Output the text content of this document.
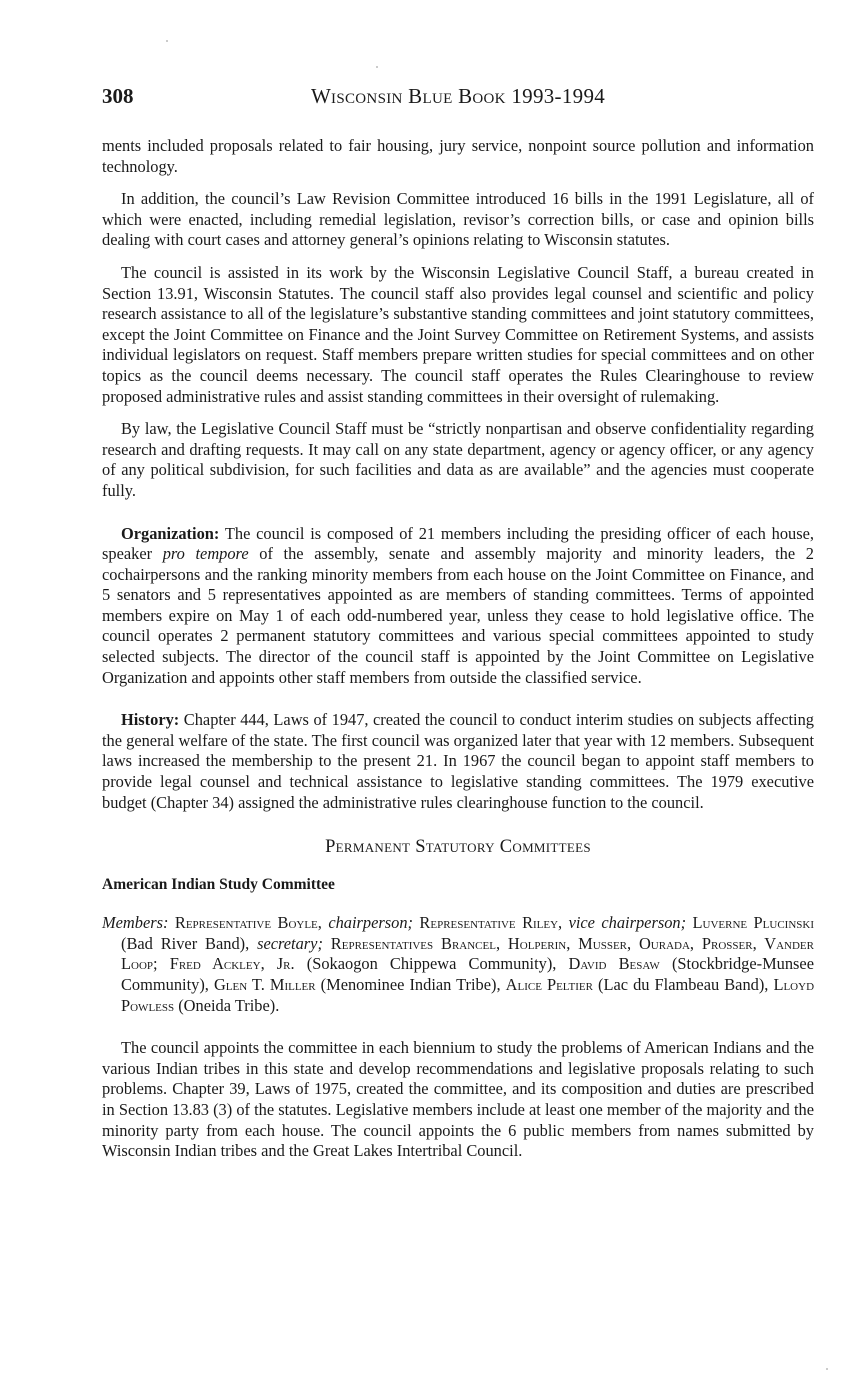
308	Wisconsin Blue Book 1993-1994

ments included proposals related to fair housing, jury service, nonpoint source pollution and information technology.

In addition, the council’s Law Revision Committee introduced 16 bills in the 1991 Legislature, all of which were enacted, including remedial legislation, revisor’s correction bills, or case and opinion bills dealing with court cases and attorney general’s opinions relating to Wisconsin statutes.

The council is assisted in its work by the Wisconsin Legislative Council Staff, a bureau created in Section 13.91, Wisconsin Statutes. The council staff also provides legal counsel and scientific and policy research assistance to all of the legislature’s substantive standing committees and joint statutory committees, except the Joint Committee on Finance and the Joint Survey Committee on Retirement Systems, and assists individual legislators on request. Staff members prepare written studies for special committees and on other topics as the council deems necessary. The council staff operates the Rules Clearinghouse to review proposed administrative rules and assist standing committees in their oversight of rulemaking.

By law, the Legislative Council Staff must be “strictly nonpartisan and observe confidentiality regarding research and drafting requests. It may call on any state department, agency or agency officer, or any agency of any political subdivision, for such facilities and data as are available” and the agencies must cooperate fully.

Organization: The council is composed of 21 members including the presiding officer of each house, speaker pro tempore of the assembly, senate and assembly majority and minority leaders, the 2 cochairpersons and the ranking minority members from each house on the Joint Committee on Finance, and 5 senators and 5 representatives appointed as are members of standing committees. Terms of appointed members expire on May 1 of each odd-numbered year, unless they cease to hold legislative office. The council operates 2 permanent statutory committees and various special committees appointed to study selected subjects. The director of the council staff is appointed by the Joint Committee on Legislative Organization and appoints other staff members from outside the classified service.

History: Chapter 444, Laws of 1947, created the council to conduct interim studies on subjects affecting the general welfare of the state. The first council was organized later that year with 12 members. Subsequent laws increased the membership to the present 21. In 1967 the council began to appoint staff members to provide legal counsel and technical assistance to legislative standing committees. The 1979 executive budget (Chapter 34) assigned the administrative rules clearinghouse function to the council.

Permanent Statutory Committees
American Indian Study Committee

Members: Representative Boyle, chairperson; Representative Riley, vice chairperson; Luverne Plucinski (Bad River Band), secretary; Representatives Brancel, Holperin, Musser, Ourada, Prosser, Vander Loop; Fred Ackley, Jr. (Sokaogon Chippewa Community), David Besaw (Stockbridge-Munsee Community), Glen T. Miller (Menominee Indian Tribe), Alice Peltier (Lac du Flambeau Band), Lloyd Powless (Oneida Tribe).

The council appoints the committee in each biennium to study the problems of American Indians and the various Indian tribes in this state and develop recommendations and legislative proposals relating to such problems. Chapter 39, Laws of 1975, created the committee, and its composition and duties are prescribed in Section 13.83 (3) of the statutes. Legislative members include at least one member of the majority and the minority party from each house. The council appoints the 6 public members from names submitted by Wisconsin Indian tribes and the Great Lakes Intertribal Council.
